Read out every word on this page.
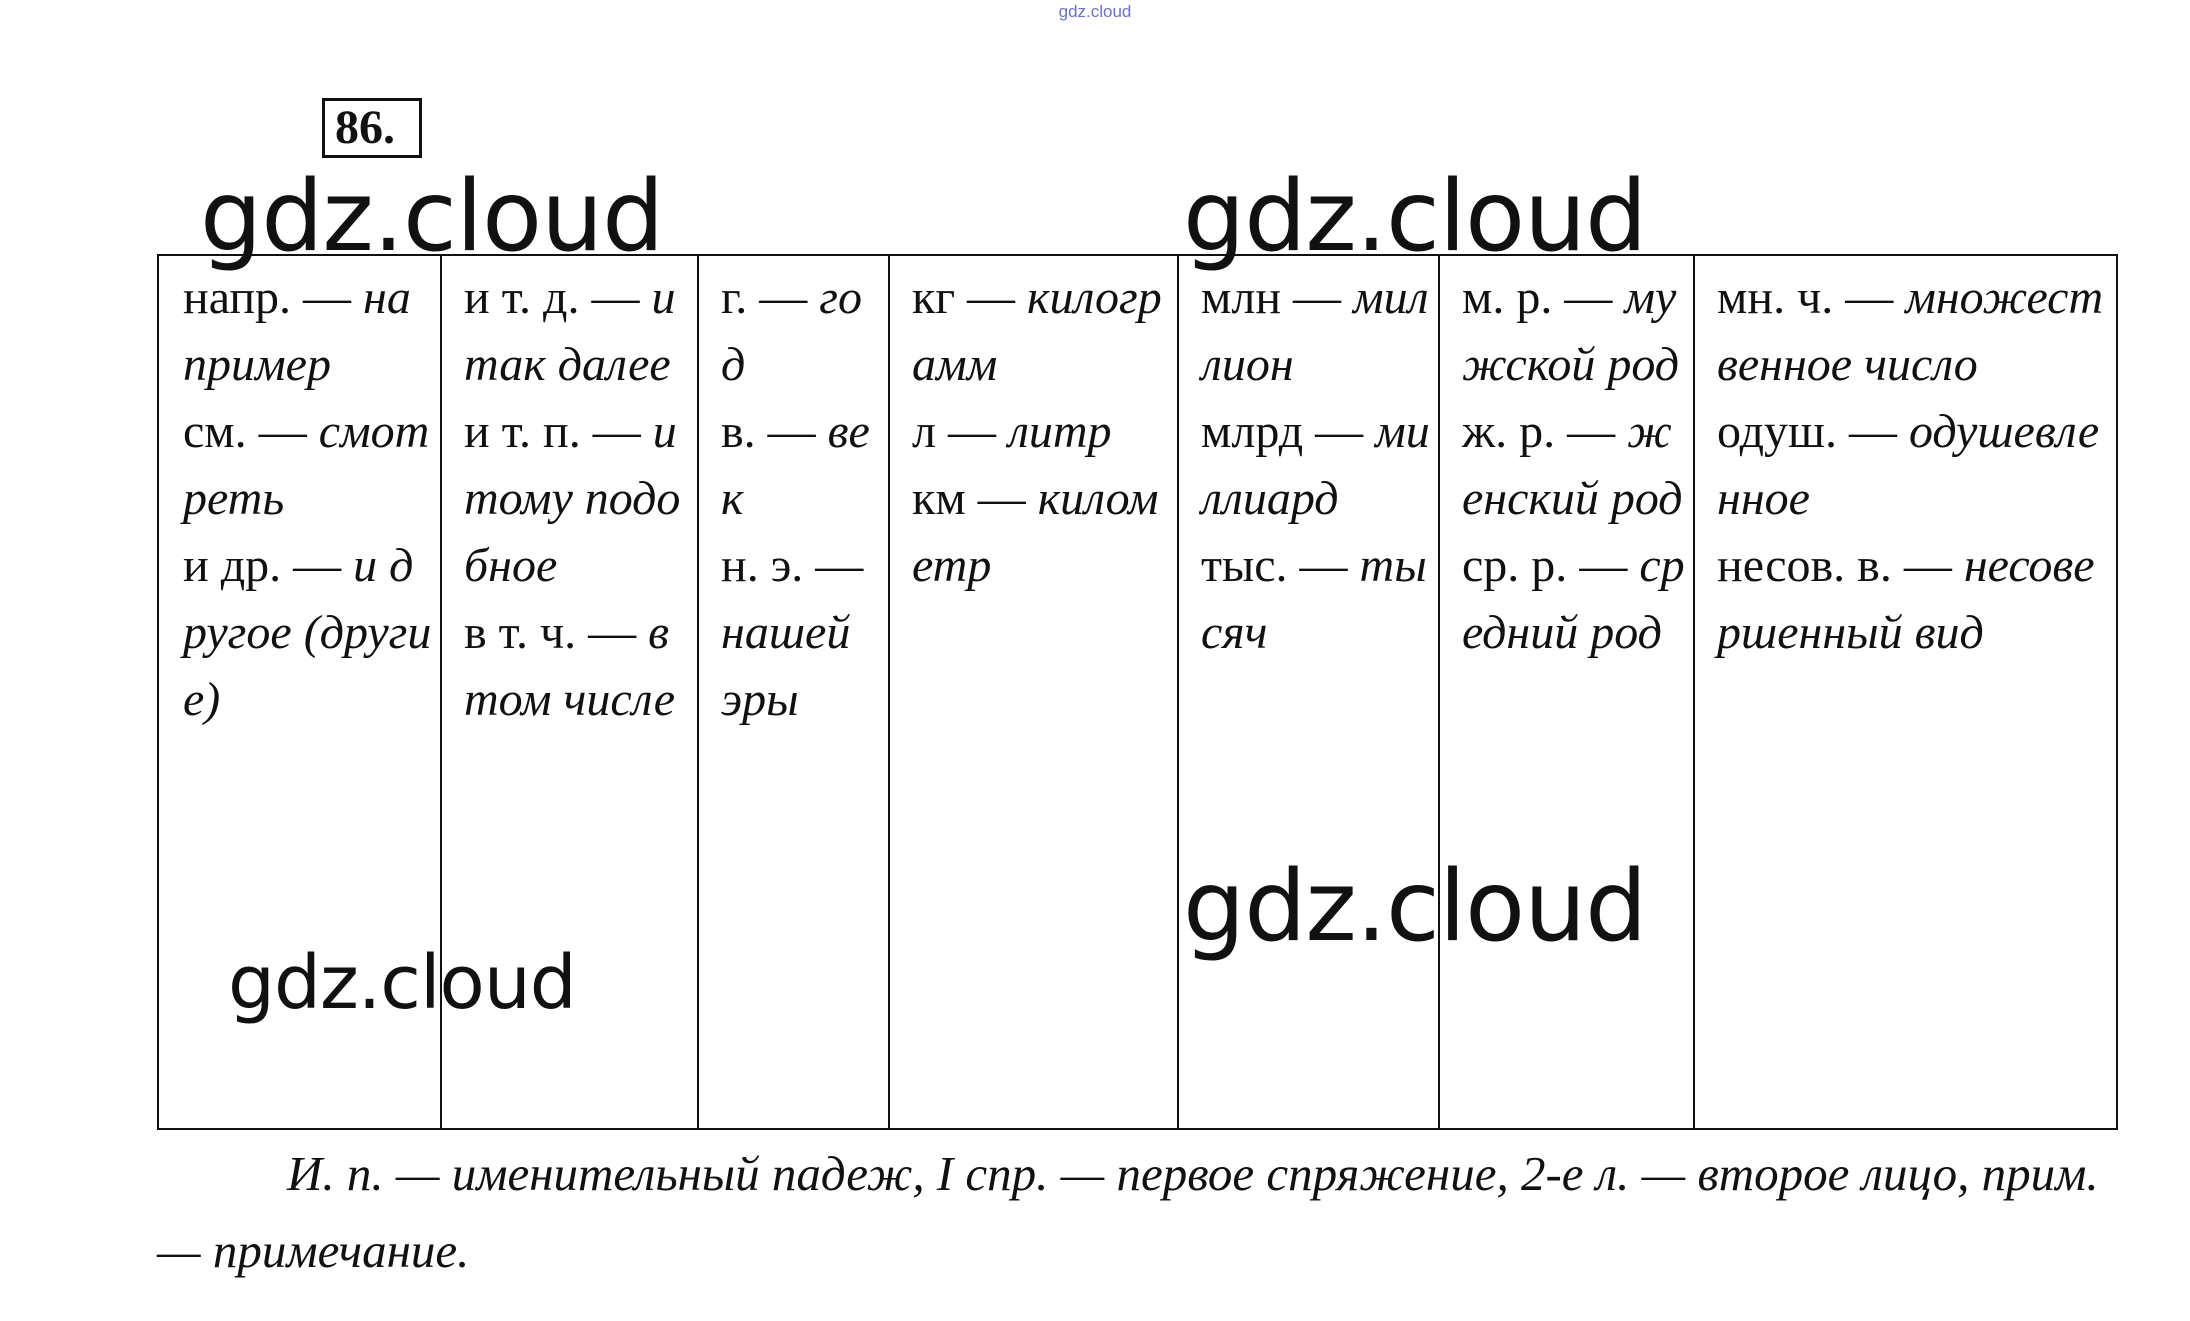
gdz.cloud
86.
напр. — например
см. — смотреть
и др. — и другое (другие)

и т. д. — и так далее
и т. п. — и тому подобное
в т. ч. — в том числе

г. — год
в. — век
н. э. — нашей эры

кг — килограмм
л — литр
км — километр

млн — миллион
млрд — миллиард
тыс. — тысяч

м. р. — мужской род
ж. р. — женский род
ср. р. — средний род

мн. ч. — множественное число
одуш. — одушевленное
несов. в. — несовершенный вид
И. п. — именительный падеж, I спр. — первое спряжение, 2-е л. — второе лицо, прим. — примечание.
gdz.cloud	gdz.cloud
gdz.cloud
gdz.cloud
